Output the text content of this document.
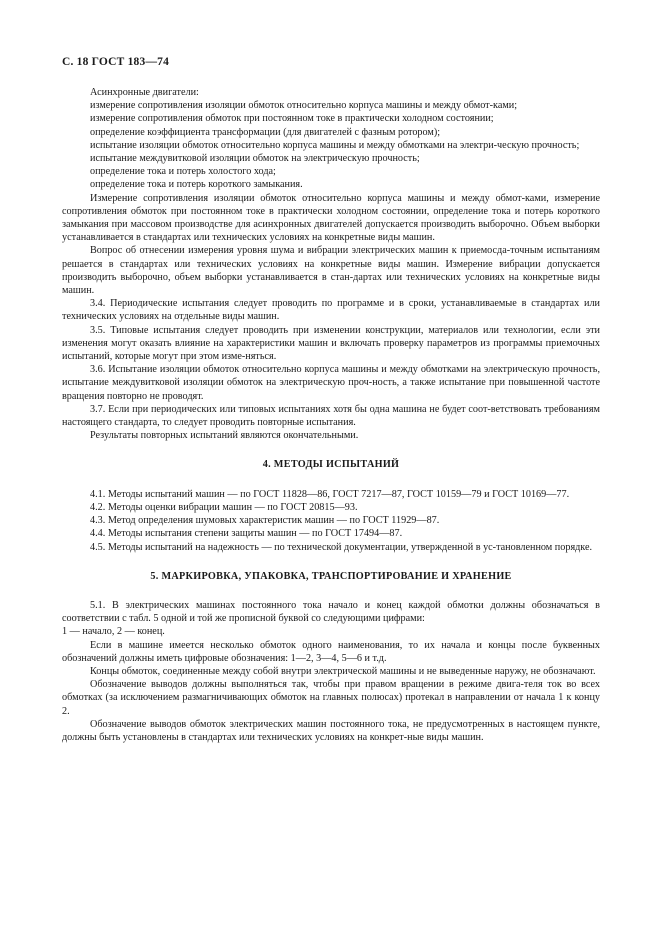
С. 18 ГОСТ 183—74

Асинхронные двигатели:

измерение сопротивления изоляции обмоток относительно корпуса машины и между обмот-ками;

измерение сопротивления обмоток при постоянном токе в практически холодном состоянии;

определение коэффициента трансформации (для двигателей с фазным ротором);

испытание изоляции обмоток относительно корпуса машины и между обмотками на электри-ческую прочность;

испытание междувитковой изоляции обмоток на электрическую прочность;

определение тока и потерь холостого хода;

определение тока и потерь короткого замыкания.

Измерение сопротивления изоляции обмоток относительно корпуса машины и между обмот-ками, измерение сопротивления обмоток при постоянном токе в практически холодном состоянии, определение тока и потерь короткого замыкания при массовом производстве для асинхронных двигателей допускается производить выборочно. Объем выборки устанавливается в стандартах или технических условиях на конкретные виды машин.

Вопрос об отнесении измерения уровня шума и вибрации электрических машин к приемосда-точным испытаниям решается в стандартах или технических условиях на конкретные виды машин. Измерение вибрации допускается производить выборочно, объем выборки устанавливается в стан-дартах или технических условиях на конкретные виды машин.

3.4. Периодические испытания следует проводить по программе и в сроки, устанавливаемые в стандартах или технических условиях на отдельные виды машин.

3.5. Типовые испытания следует проводить при изменении конструкции, материалов или технологии, если эти изменения могут оказать влияние на характеристики машин и включать проверку параметров из программы приемочных испытаний, которые могут при этом изме-няться.

3.6. Испытание изоляции обмоток относительно корпуса машины и между обмотками на электрическую прочность, испытание междувитковой изоляции обмоток на электрическую проч-ность, а также испытание при повышенной частоте вращения повторно не проводят.

3.7. Если при периодических или типовых испытаниях хотя бы одна машина не будет соот-ветствовать требованиям настоящего стандарта, то следует проводить повторные испытания.

Результаты повторных испытаний являются окончательными.

4. МЕТОДЫ ИСПЫТАНИЙ

4.1. Методы испытаний машин — по ГОСТ 11828—86, ГОСТ 7217—87, ГОСТ 10159—79 и ГОСТ 10169—77.

4.2. Методы оценки вибрации машин — по ГОСТ 20815—93.

4.3. Метод определения шумовых характеристик машин — по ГОСТ 11929—87.

4.4. Методы испытания степени защиты машин — по ГОСТ 17494—87.

4.5. Методы испытаний на надежность — по технической документации, утвержденной в ус-тановленном порядке.

5. МАРКИРОВКА, УПАКОВКА, ТРАНСПОРТИРОВАНИЕ И ХРАНЕНИЕ

5.1. В электрических машинах постоянного тока начало и конец каждой обмотки должны обозначаться в соответствии с табл. 5 одной и той же прописной буквой со следующими цифрами:

1 — начало, 2 — конец.

Если в машине имеется несколько обмоток одного наименования, то их начала и концы после буквенных обозначений должны иметь цифровые обозначения: 1—2, 3—4, 5—6 и т.д.

Концы обмоток, соединенные между собой внутри электрической машины и не выведенные наружу, не обозначают.

Обозначение выводов должны выполняться так, чтобы при правом вращении в режиме двига-теля ток во всех обмотках (за исключением размагничивающих обмоток на главных полюсах) протекал в направлении от начала 1 к концу 2.

Обозначение выводов обмоток электрических машин постоянного тока, не предусмотренных в настоящем пункте, должны быть установлены в стандартах или технических условиях на конкрет-ные виды машин.
